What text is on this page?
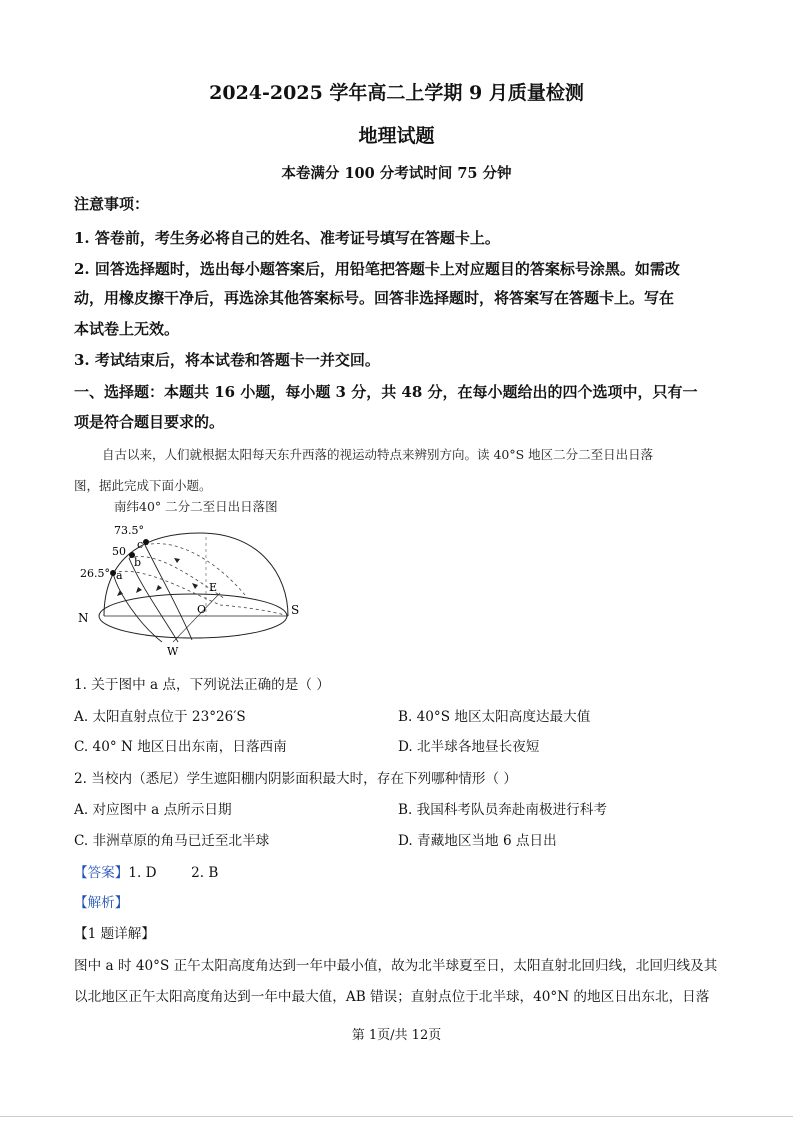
2024-2025 学年高二上学期 9 月质量检测
地理试题
本卷满分 100 分考试时间 75 分钟
注意事项：
1. 答卷前，考生务必将自己的姓名、准考证号填写在答题卡上。
2. 回答选择题时，选出每小题答案后，用铅笔把答题卡上对应题目的答案标号涂黑。如需改
动，用橡皮擦干净后，再选涂其他答案标号。回答非选择题时，将答案写在答题卡上。写在
本试卷上无效。
3. 考试结束后，将本试卷和答题卡一并交回。
一、选择题：本题共 16 小题，每小题 3 分，共 48 分，在每小题给出的四个选项中，只有一
项是符合题目要求的。
自古以来，人们就根据太阳每天东升西落的视运动特点来辨别方向。读 40°S 地区二分二至日出日落
图，据此完成下面小题。
南纬40° 二分二至日出日落图
73.5°
50
26.5° a
b
c
N
S
E
W
O
1. 关于图中 a 点，下列说法正确的是（ ）
A. 太阳直射点位于 23°26′S	B. 40°S 地区太阳高度达最大值
C. 40° N 地区日出东南，日落西南	D. 北半球各地昼长夜短
2. 当校内（悉尼）学生遮阳棚内阴影面积最大时，存在下列哪种情形（ ）
A. 对应图中 a 点所示日期	B. 我国科考队员奔赴南极进行科考
C. 非洲草原的角马已迁至北半球	D. 青藏地区当地 6 点日出
【答案】1. D        2. B
【解析】
【1 题详解】
图中 a 时 40°S 正午太阳高度角达到一年中最小值，故为北半球夏至日，太阳直射北回归线，北回归线及其
以北地区正午太阳高度角达到一年中最大值，AB 错误；直射点位于北半球，40°N 的地区日出东北，日落
第 1页/共 12页
